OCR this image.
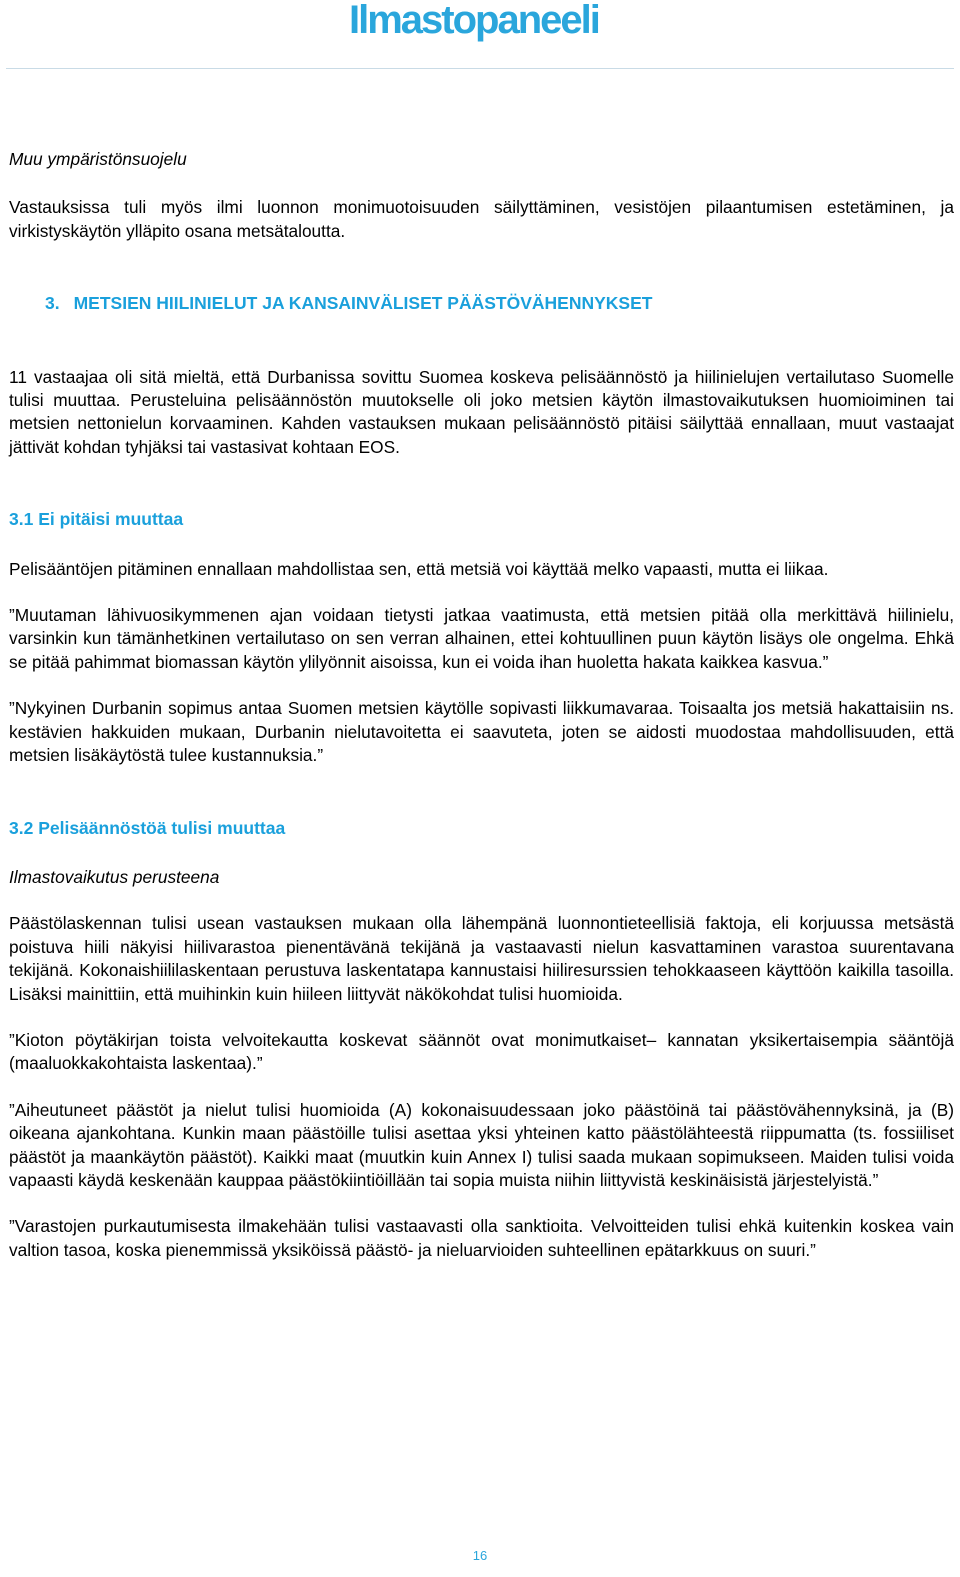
Ilmastopaneeli

Muu ympäristönsuojelu

Vastauksissa tuli myös ilmi luonnon monimuotoisuuden säilyttäminen, vesistöjen pilaantumisen estetäminen, ja virkistyskäytön ylläpito osana metsätaloutta.

3. METSIEN HIILINIELUT JA KANSAINVÄLISET PÄÄSTÖVÄHENNYKSET

11 vastaajaa oli sitä mieltä, että Durbanissa sovittu Suomea koskeva pelisäännöstö ja hiilinielujen vertailutaso Suomelle tulisi muuttaa. Perusteluina pelisäännöstön muutokselle oli joko metsien käytön ilmastovaikutuksen huomioiminen tai metsien nettonielun korvaaminen. Kahden vastauksen mukaan pelisäännöstö pitäisi säilyttää ennallaan, muut vastaajat jättivät kohdan tyhjäksi tai vastasivat kohtaan EOS.

3.1 Ei pitäisi muuttaa

Pelisääntöjen pitäminen ennallaan mahdollistaa sen, että metsiä voi käyttää melko vapaasti, mutta ei liikaa.

”Muutaman lähivuosikymmenen ajan voidaan tietysti jatkaa vaatimusta, että metsien pitää olla merkittävä hiilinielu, varsinkin kun tämänhetkinen vertailutaso on sen verran alhainen, ettei kohtuullinen puun käytön lisäys ole ongelma. Ehkä se pitää pahimmat biomassan käytön ylilyönnit aisoissa, kun ei voida ihan huoletta hakata kaikkea kasvua.”

”Nykyinen Durbanin sopimus antaa Suomen metsien käytölle sopivasti liikkumavaraa. Toisaalta jos metsiä hakattaisiin ns. kestävien hakkuiden mukaan, Durbanin nielutavoitetta ei saavuteta, joten se aidosti muodostaa mahdollisuuden, että metsien lisäkäytöstä tulee kustannuksia.”

3.2 Pelisäännöstöä tulisi muuttaa

Ilmastovaikutus perusteena

Päästölaskennan tulisi usean vastauksen mukaan olla lähempänä luonnontieteellisiä faktoja, eli korjuussa metsästä poistuva hiili näkyisi hiilivarastoa pienentävänä tekijänä ja vastaavasti nielun kasvattaminen varastoa suurentavana tekijänä. Kokonaishiililaskentaan perustuva laskentatapa kannustaisi hiiliresurssien tehokkaaseen käyttöön kaikilla tasoilla. Lisäksi mainittiin, että muihinkin kuin hiileen liittyvät näkökohdat tulisi huomioida.

”Kioton pöytäkirjan toista velvoitekautta koskevat säännöt ovat monimutkaiset– kannatan yksikertaisempia sääntöjä (maaluokkakohtaista laskentaa).”

”Aiheutuneet päästöt ja nielut tulisi huomioida (A) kokonaisuudessaan joko päästöinä tai päästövähennyksinä, ja (B) oikeana ajankohtana. Kunkin maan päästöille tulisi asettaa yksi yhteinen katto päästölähteestä riippumatta (ts. fossiiliset päästöt ja maankäytön päästöt). Kaikki maat (muutkin kuin Annex I) tulisi saada mukaan sopimukseen. Maiden tulisi voida vapaasti käydä keskenään kauppaa päästökiintiöillään tai sopia muista niihin liittyvistä keskinäisistä järjestelyistä.”

”Varastojen purkautumisesta ilmakehään tulisi vastaavasti olla sanktioita. Velvoitteiden tulisi ehkä kuitenkin koskea vain valtion tasoa, koska pienemmissä yksiköissä päästö- ja nieluarvioiden suhteellinen epätarkkuus on suuri.”

16
